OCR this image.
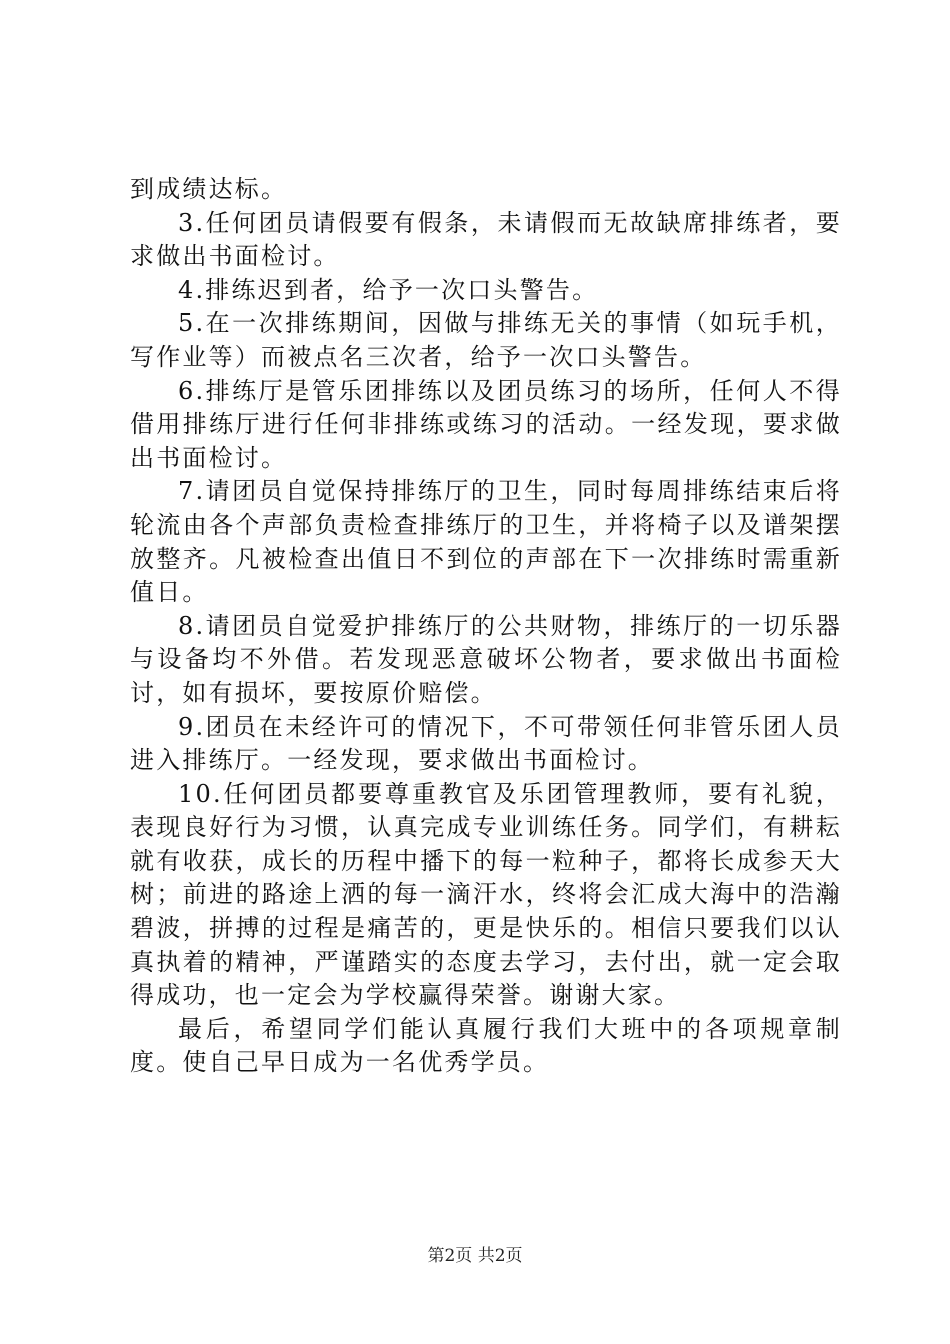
到成绩达标。

3.任何团员请假要有假条，未请假而无故缺席排练者，要求做出书面检讨。

4.排练迟到者，给予一次口头警告。

5.在一次排练期间，因做与排练无关的事情（如玩手机，写作业等）而被点名三次者，给予一次口头警告。

6.排练厅是管乐团排练以及团员练习的场所，任何人不得借用排练厅进行任何非排练或练习的活动。一经发现，要求做出书面检讨。

7.请团员自觉保持排练厅的卫生，同时每周排练结束后将轮流由各个声部负责检查排练厅的卫生，并将椅子以及谱架摆放整齐。凡被检查出值日不到位的声部在下一次排练时需重新值日。

8.请团员自觉爱护排练厅的公共财物，排练厅的一切乐器与设备均不外借。若发现恶意破坏公物者，要求做出书面检讨，如有损坏，要按原价赔偿。

9.团员在未经许可的情况下，不可带领任何非管乐团人员进入排练厅。一经发现，要求做出书面检讨。

10.任何团员都要尊重教官及乐团管理教师，要有礼貌，表现良好行为习惯，认真完成专业训练任务。同学们，有耕耘就有收获，成长的历程中播下的每一粒种子，都将长成参天大树；前进的路途上洒的每一滴汗水，终将会汇成大海中的浩瀚碧波，拼搏的过程是痛苦的，更是快乐的。相信只要我们以认真执着的精神，严谨踏实的态度去学习，去付出，就一定会取得成功，也一定会为学校赢得荣誉。谢谢大家。

最后，希望同学们能认真履行我们大班中的各项规章制度。使自己早日成为一名优秀学员。

第2页 共2页
